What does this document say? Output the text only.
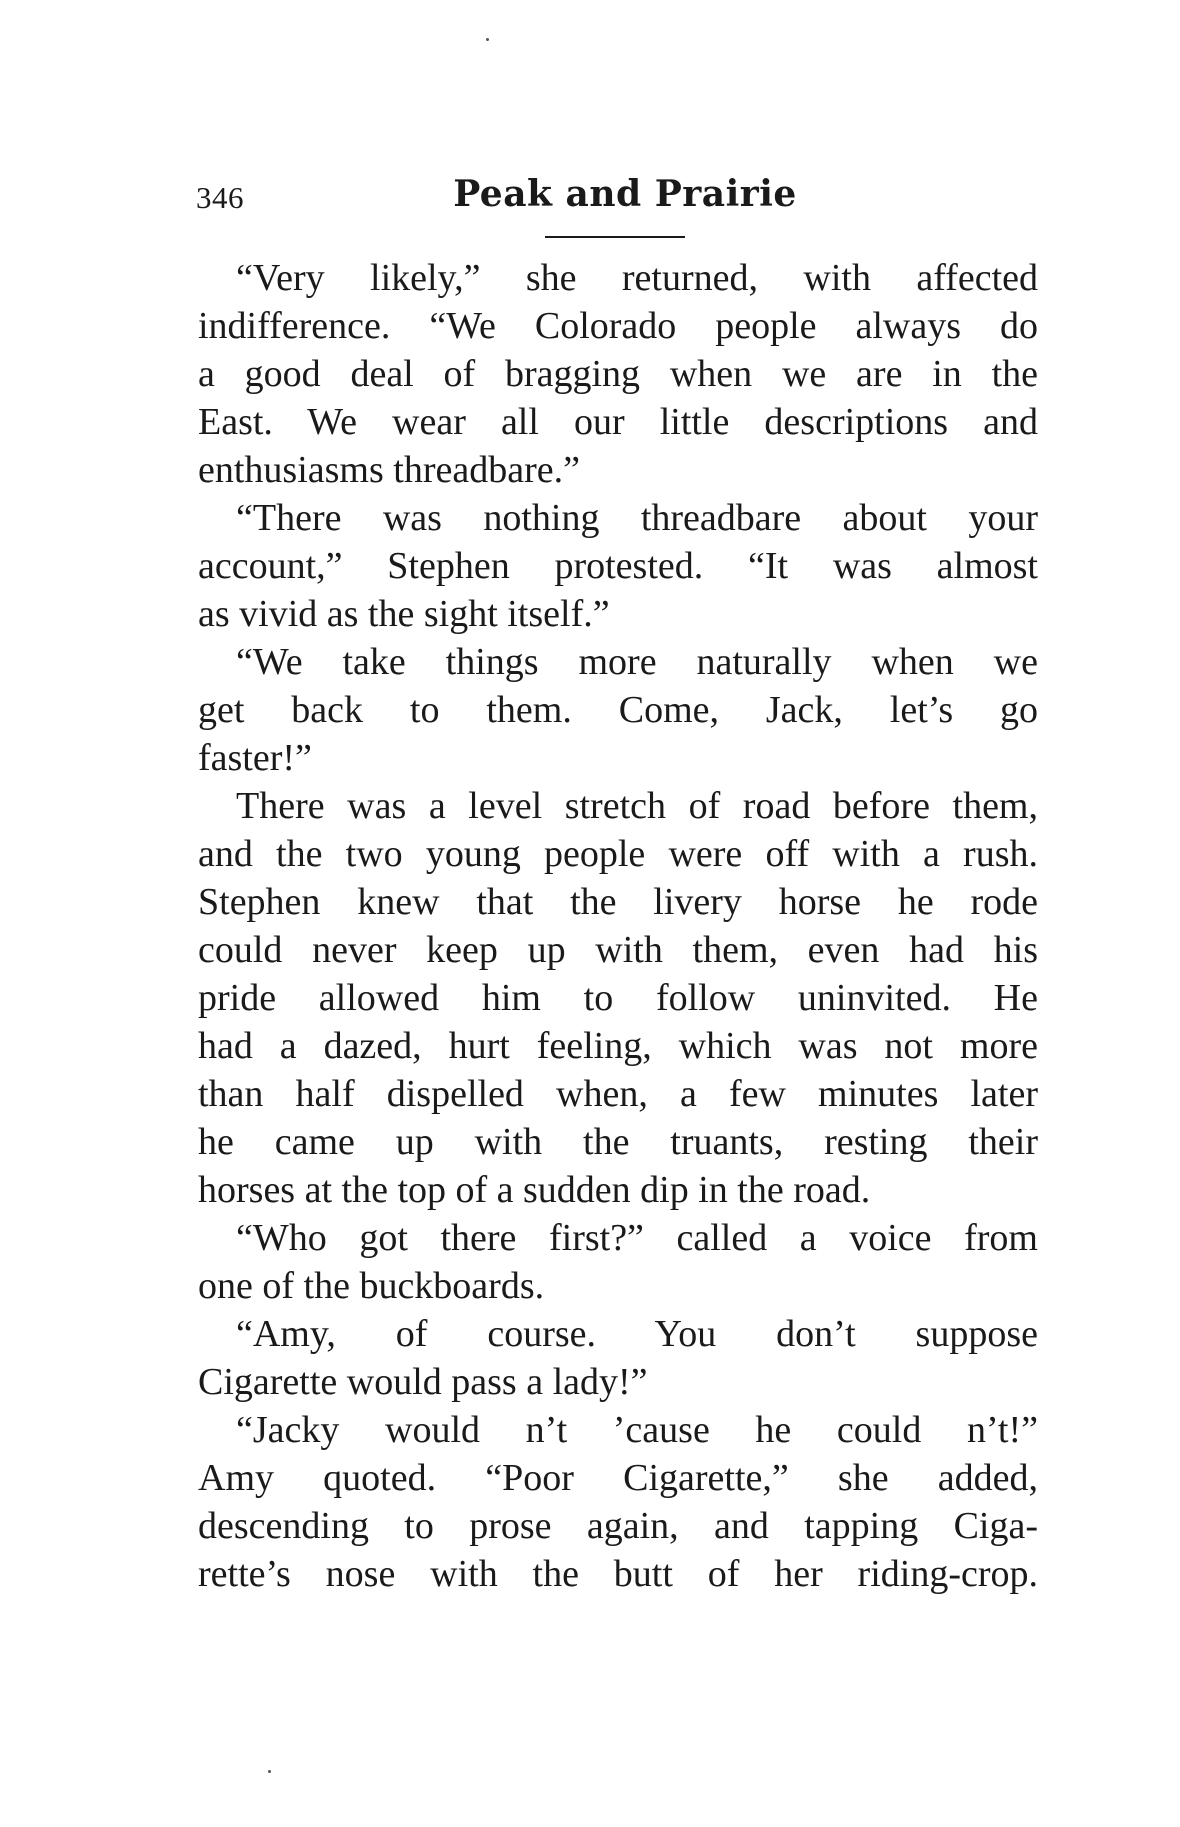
346	Peak and Prairie
“Very likely,” she returned, with affected
indifference. “We Colorado people always do
a good deal of bragging when we are in the
East. We wear all our little descriptions and
enthusiasms threadbare.”
“There was nothing threadbare about your
account,” Stephen protested. “It was almost
as vivid as the sight itself.”
“We take things more naturally when we
get back to them. Come, Jack, let’s go
faster!”
There was a level stretch of road before them,
and the two young people were off with a rush.
Stephen knew that the livery horse he rode
could never keep up with them, even had his
pride allowed him to follow uninvited. He
had a dazed, hurt feeling, which was not more
than half dispelled when, a few minutes later
he came up with the truants, resting their
horses at the top of a sudden dip in the road.
“Who got there first?” called a voice from
one of the buckboards.
“Amy, of course. You don’t suppose
Cigarette would pass a lady!”
“Jacky would n’t ’cause he could n’t!”
Amy quoted. “Poor Cigarette,” she added,
descending to prose again, and tapping Ciga-
rette’s nose with the butt of her riding-crop.
